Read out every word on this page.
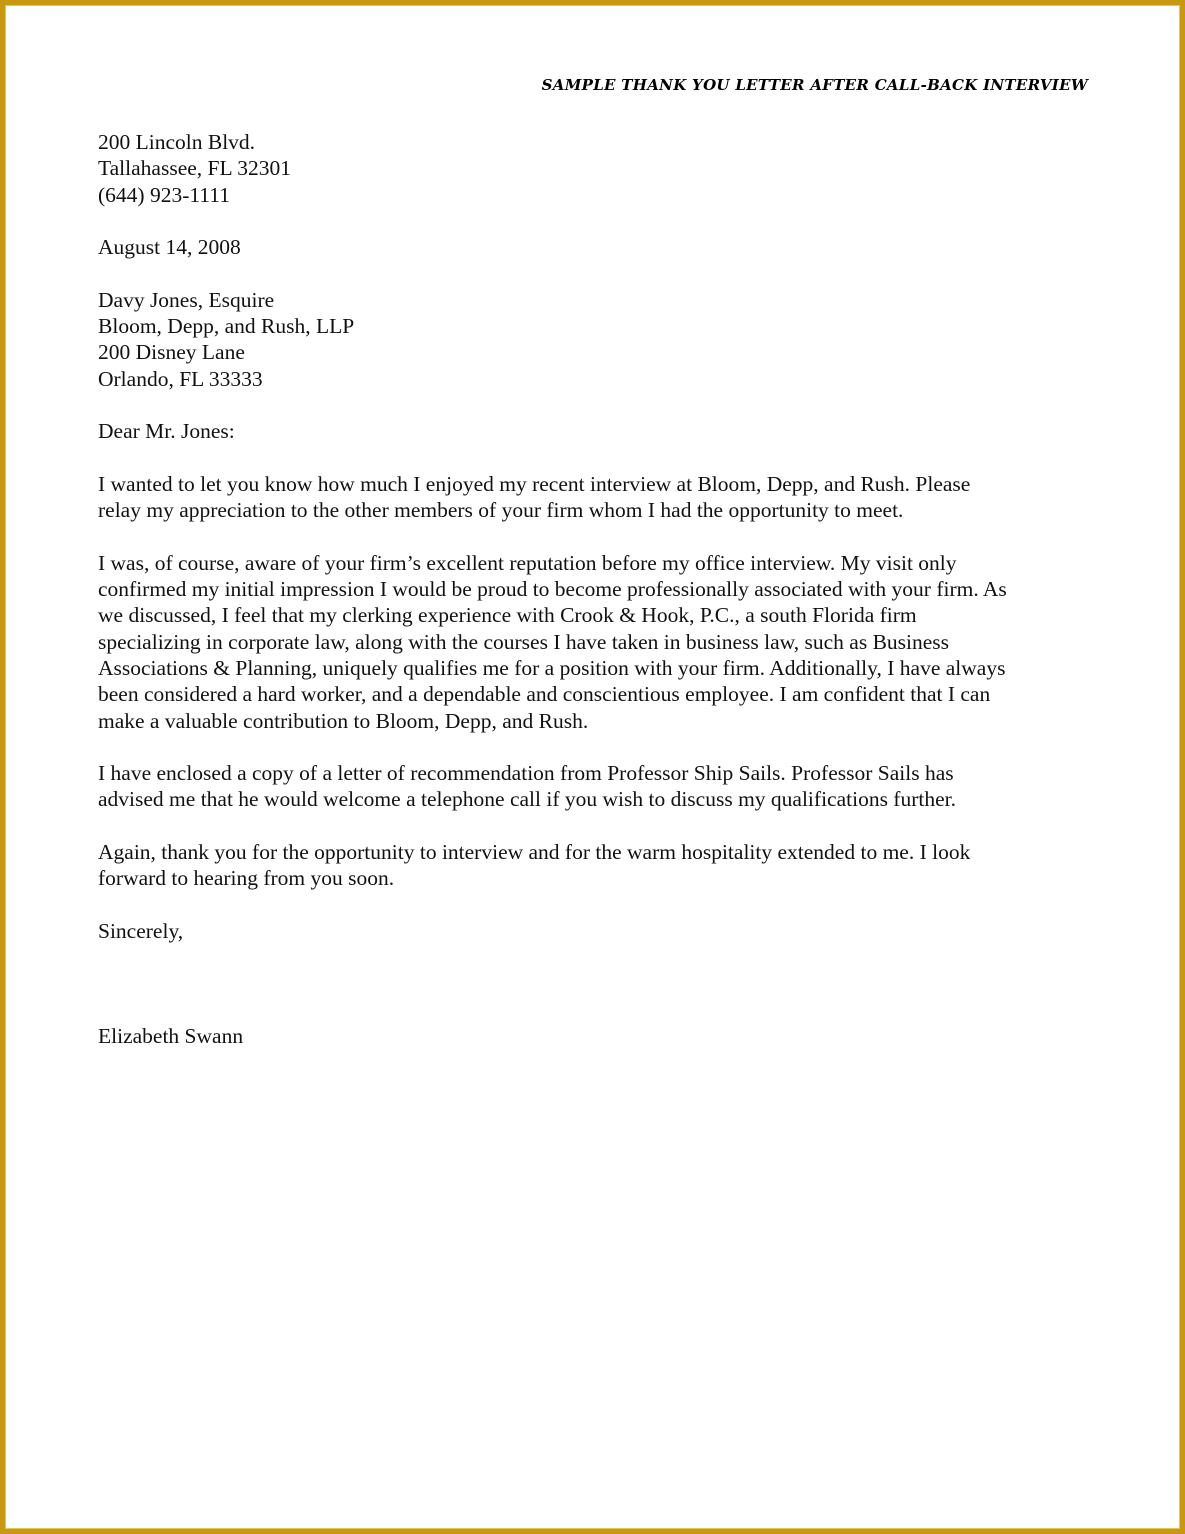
SAMPLE THANK YOU LETTER AFTER CALL-BACK INTERVIEW
200 Lincoln Blvd.
Tallahassee, FL 32301
(644) 923-1111
August 14, 2008
Davy Jones, Esquire
Bloom, Depp, and Rush, LLP
200 Disney Lane
Orlando, FL 33333
Dear Mr. Jones:
I wanted to let you know how much I enjoyed my recent interview at Bloom, Depp, and Rush. Please
relay my appreciation to the other members of your firm whom I had the opportunity to meet.
I was, of course, aware of your firm’s excellent reputation before my office interview. My visit only
confirmed my initial impression I would be proud to become professionally associated with your firm. As
we discussed, I feel that my clerking experience with Crook & Hook, P.C., a south Florida firm
specializing in corporate law, along with the courses I have taken in business law, such as Business
Associations & Planning, uniquely qualifies me for a position with your firm. Additionally, I have always
been considered a hard worker, and a dependable and conscientious employee. I am confident that I can
make a valuable contribution to Bloom, Depp, and Rush.
I have enclosed a copy of a letter of recommendation from Professor Ship Sails. Professor Sails has
advised me that he would welcome a telephone call if you wish to discuss my qualifications further.
Again, thank you for the opportunity to interview and for the warm hospitality extended to me. I look
forward to hearing from you soon.
Sincerely,
Elizabeth Swann
